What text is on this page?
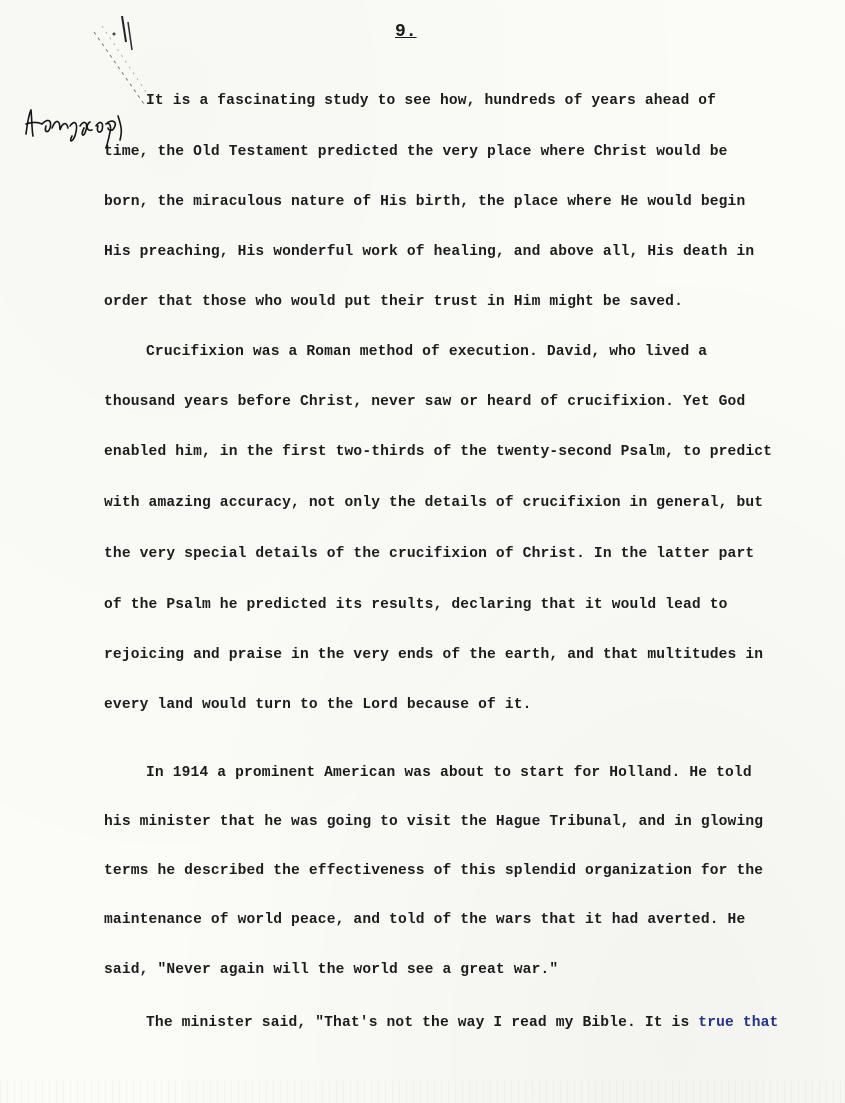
9.

It is a fascinating study to see how, hundreds of years ahead of

time, the Old Testament predicted the very place where Christ would be

born, the miraculous nature of His birth, the place where He would begin

His preaching, His wonderful work of healing, and above all, His death in

order that those who would put their trust in Him might be saved.

Crucifixion was a Roman method of execution. David, who lived a

thousand years before Christ, never saw or heard of crucifixion. Yet God

enabled him, in the first two-thirds of the twenty-second Psalm, to predict

with amazing accuracy, not only the details of crucifixion in general, but

the very special details of the crucifixion of Christ. In the latter part

of the Psalm he predicted its results, declaring that it would lead to

rejoicing and praise in the very ends of the earth, and that multitudes in

every land would turn to the Lord because of it.

In 1914 a prominent American was about to start for Holland. He told

his minister that he was going to visit the Hague Tribunal, and in glowing

terms he described the effectiveness of this splendid organization for the

maintenance of world peace, and told of the wars that it had averted. He

said, "Never again will the world see a great war."

The minister said, "That's not the way I read my Bible. It is true that
